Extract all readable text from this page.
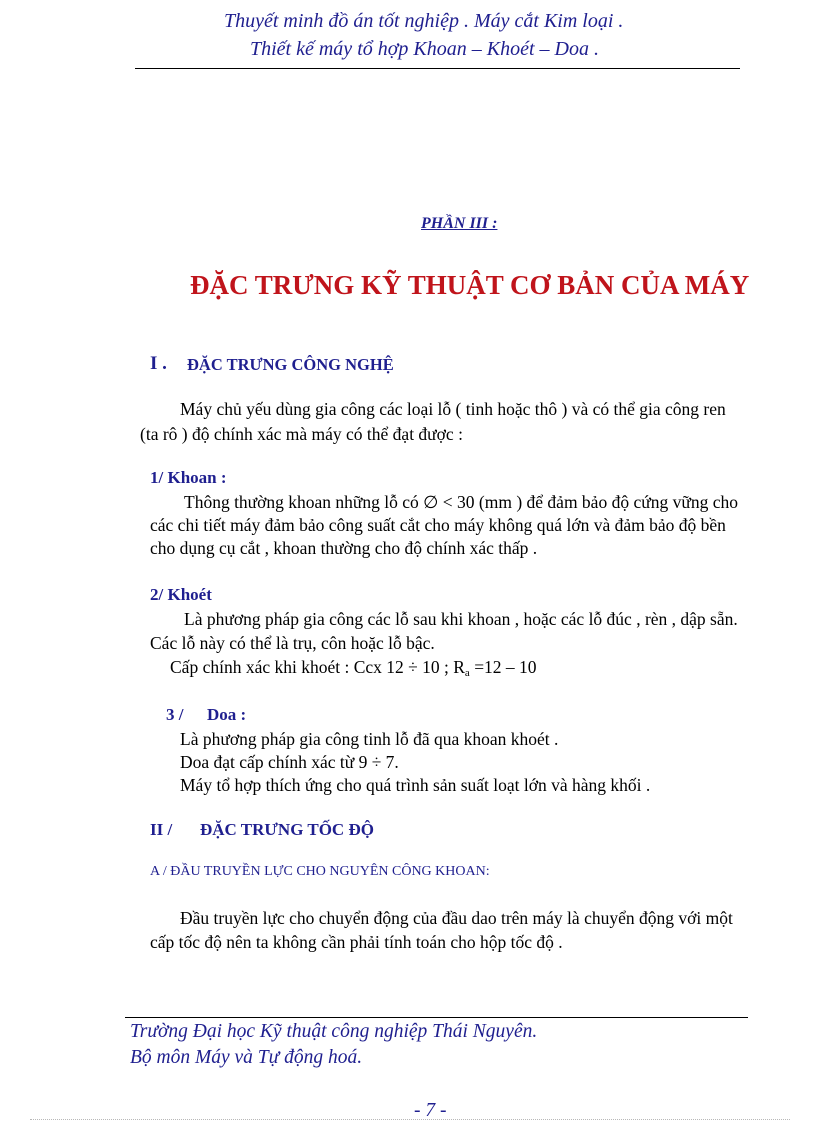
Thuyết minh đồ án tốt nghiệp . Máy cắt Kim loại .
Thiết kế máy tổ hợp Khoan – Khoét – Doa .
PHẦN III :
ĐẶC TRƯNG KỸ THUẬT CƠ BẢN CỦA MÁY
I . ĐẶC TRƯNG CÔNG NGHỆ
Máy chủ yếu dùng gia công các loại lỗ ( tinh hoặc thô ) và có thể gia công ren
(ta rô ) độ chính xác mà máy có thể đạt được :
1/ Khoan :
Thông thường khoan những lỗ có ∅ < 30 (mm ) để đảm bảo độ cứng vững cho
các chi tiết máy đảm bảo công suất cắt cho máy không quá lớn và đảm bảo độ bền
cho dụng cụ cắt , khoan thường cho độ chính xác thấp .
2/ Khoét
Là phương pháp gia công các lỗ sau khi khoan , hoặc các lỗ đúc , rèn , dập sẵn.
Các lỗ này có thể là trụ, côn hoặc lỗ bậc.
Cấp chính xác khi khoét : Ccx 12 ÷ 10 ; $R_a =12 - 10$
3 / Doa :
Là phương pháp gia công tinh lỗ đã qua khoan khoét .
Doa đạt cấp chính xác từ 9 ÷ 7.
Máy tổ hợp thích ứng cho quá trình sản suất loạt lớn và hàng khối .
II / ĐẶC TRƯNG TỐC ĐỘ
A / ĐẦU TRUYỀN LỰC CHO NGUYÊN CÔNG KHOAN:
Đầu truyền lực cho chuyển động của đầu dao trên máy là chuyển động với một
cấp tốc độ nên ta không cần phải tính toán cho hộp tốc độ .
Trường Đại học Kỹ thuật công nghiệp Thái Nguyên.
Bộ môn Máy và Tự động hoá.
- 7 -
